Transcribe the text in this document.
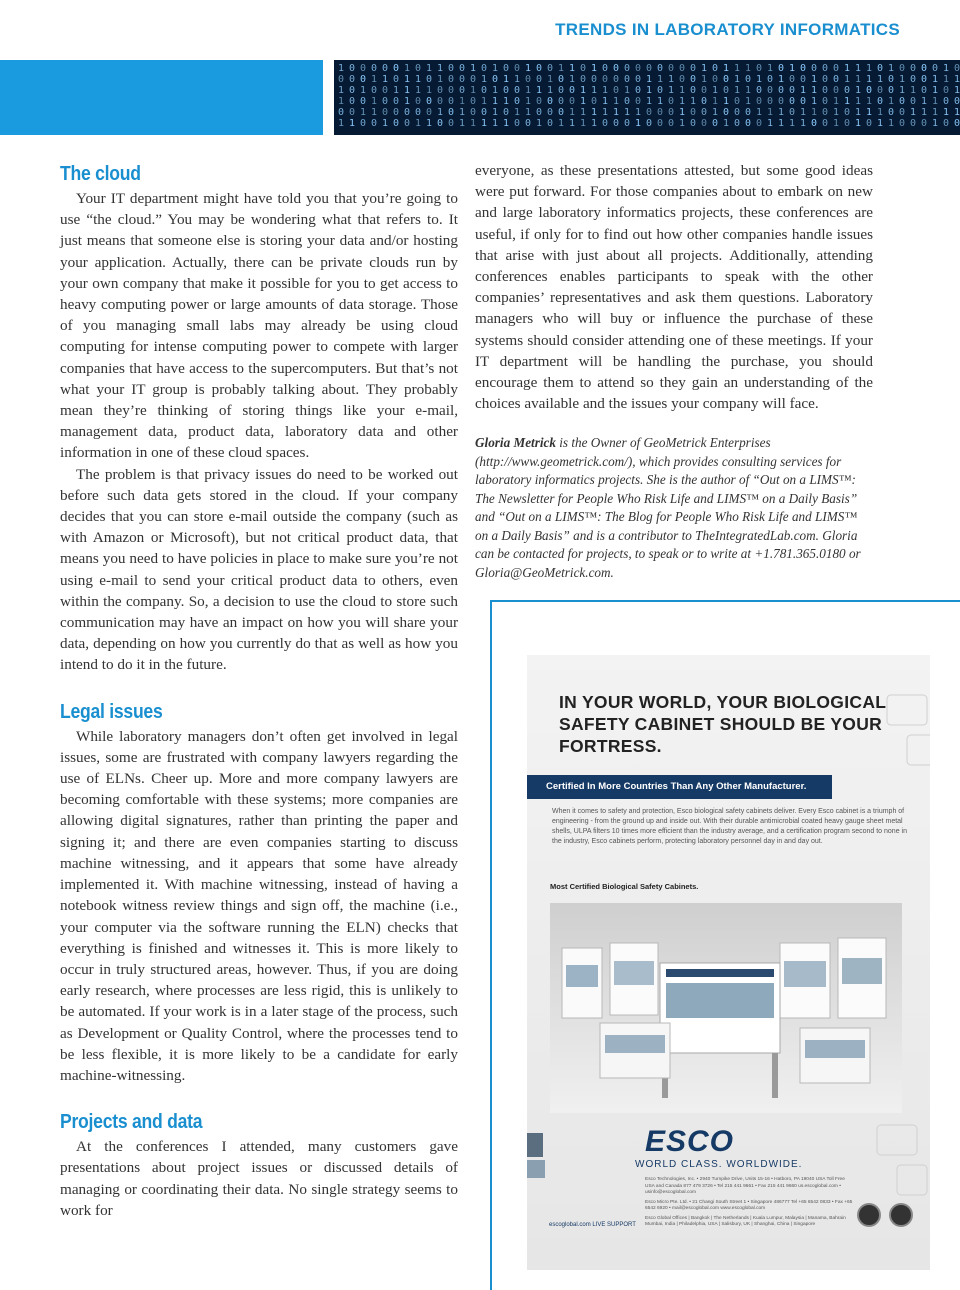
TRENDS IN LABORATORY INFORMATICS
1
0
1
1
0
1
0
0
0
0
0
1
0
0
1
0
1
0
0
1
0
1
1
0
0
1
0
0
0
1
0
0
1
0
0
0
1
1
1
1
0
0
0
1
1
0
0
1
1
0
1
0
0
1
1
1
0
0
1
0
0
0
0
0
0
0
0
0
0
1
1
1
1
0
1
0
0
1
0
1
0
1
0
1
1
0
1
1
1
1
0
1
0
1
0
1
0
1
0
0
1
0
1
0
1
1
1
0
0
0
1
0
0
1
0
1
1
0
0
0
1
0
0
0
0
1
1
1
0
0
1
1
0
0
1
1
1
1
1
0
1
0
1
1
0
0
1
1
1
0
0
0
0
1
1
0
0
0
1
0
1
0
0
0
0
0
1
1
0
1
1
1
0
0
0
1
0
1
0
0
0
1
1
0
0
0
0
0
1
1
1
1
0
0
0
1
0
0
1
1
0
0
0
0
0
0
1
1
1
0
1
0
0
1
0
1
1
1
1
0
0
0
1
0
1
1
0
0
0
1
0
0
1
0
1
0
0
0
1
1
0
1
0
0
1
1
1
0
0
0
0
1
0
0
1
0
1
1
0
1
1
1
1
0
0
0
0
0
0
0
0
0
0
1
1
1
1
1
0
1
0
0
1
1
1
1
1
1
1
1
0
1
1
0
0
1
0
0
1
1
1
0
0
1
0
1
0
1
1
0
0
0
0
0
1
0
1
0
0
0
0
1
1
0
0
1
1
1
1
1
1
1
0
0
1
0
0
1
1
0
1
0
The cloud

Your IT department might have told you that you’re going to use “the cloud.” You may be wondering what that refers to. It just means that someone else is storing your data and/or hosting your application. Actually, there can be private clouds run by your own company that make it possible for you to get access to heavy computing power or large amounts of data storage. Those of you managing small labs may already be using cloud computing for intense computing power to compete with larger companies that have access to the supercomputers. But that’s not what your IT group is probably talking about. They probably mean they’re thinking of storing things like your e-mail, management data, product data, laboratory data and other information in one of these cloud spaces.

The problem is that privacy issues do need to be worked out before such data gets stored in the cloud. If your company decides that you can store e-mail outside the company (such as with Amazon or Microsoft), but not critical product data, that means you need to have policies in place to make sure you’re not using e-mail to send your critical product data to others, even within the company. So, a decision to use the cloud to store such communication may have an impact on how you will share your data, depending on how you currently do that as well as how you intend to do it in the future.

Legal issues

While laboratory managers don’t often get involved in legal issues, some are frustrated with company lawyers regarding the use of ELNs. Cheer up. More and more company lawyers are becoming comfortable with these systems; more companies are allowing digital signatures, rather than printing the paper and signing it; and there are even companies starting to discuss machine witnessing, and it appears that some have already implemented it. With machine witnessing, instead of having a notebook witness review things and sign off, the machine (i.e., your computer via the software running the ELN) checks that everything is finished and witnesses it. This is more likely to occur in truly structured areas, however. Thus, if you are doing early research, where processes are less rigid, this is unlikely to be automated. If your work is in a later stage of the process, such as Development or Quality Control, where the processes tend to be less flexible, it is more likely to be a candidate for early machine-witnessing.

Projects and data

At the conferences I attended, many customers gave presentations about project issues or discussed details of managing or coordinating their data. No single strategy seems to work for

everyone, as these presentations attested, but some good ideas were put forward. For those companies about to embark on new and large laboratory informatics projects, these conferences are useful, if only for to find out how other companies handle issues that arise with just about all projects. Additionally, attending conferences enables participants to speak with the other companies’ representatives and ask them questions. Laboratory managers who will buy or influence the purchase of these systems should consider attending one of these meetings. If your IT department will be handling the purchase, you should encourage them to attend so they gain an understanding of the choices available and the issues your company will face.

Gloria Metrick is the Owner of GeoMetrick Enterprises (http://www.geometrick.com/), which provides consulting services for laboratory informatics projects. She is the author of “Out on a LIMS™: The Newsletter for People Who Risk Life and LIMS™ on a Daily Basis” and “Out on a LIMS™: The Blog for People Who Risk Life and LIMS™ on a Daily Basis” and is a contributor to TheIntegratedLab.com. Gloria can be contacted for projects, to speak or to write at +1.781.365.0180 or Gloria@GeoMetrick.com.

IN YOUR WORLD, YOUR BIOLOGICAL SAFETY CABINET SHOULD BE YOUR FORTRESS.
Certified In More Countries Than Any Other Manufacturer.
When it comes to safety and protection, Esco biological safety cabinets deliver. Every Esco cabinet is a triumph of engineering - from the ground up and inside out. With their durable antimicrobial coated heavy gauge sheet metal shells, ULPA filters 10 times more efficient than the industry average, and a certification program second to none in the industry, Esco cabinets perform, protecting laboratory personnel day in and day out.
Most Certified Biological Safety Cabinets.
ESCO
WORLD CLASS. WORLDWIDE.
Esco Technologies, Inc. • 2940 Turnpike Drive, Units 15-16 • Hatboro, PA 19040 USA Toll Free USA and Canada 877 479 3726 • Tel 215 441 9661 • Fax 215 441 9660 us.escoglobal.com • usinfo@escoglobal.com
Esco Micro Pte. Ltd. • 21 Changi South Street 1 • Singapore 486777 Tel +65 6542 0833 • Fax +65 6542 6920 • mail@escoglobal.com www.escoglobal.com
Esco Global Offices | Bangkok | The Netherlands | Kuala Lumpur, Malaysia | Manama, Bahrain Mumbai, India | Philadelphia, USA | Salisbury, UK | Shanghai, China | Singapore
escoglobal.com LIVE SUPPORT
